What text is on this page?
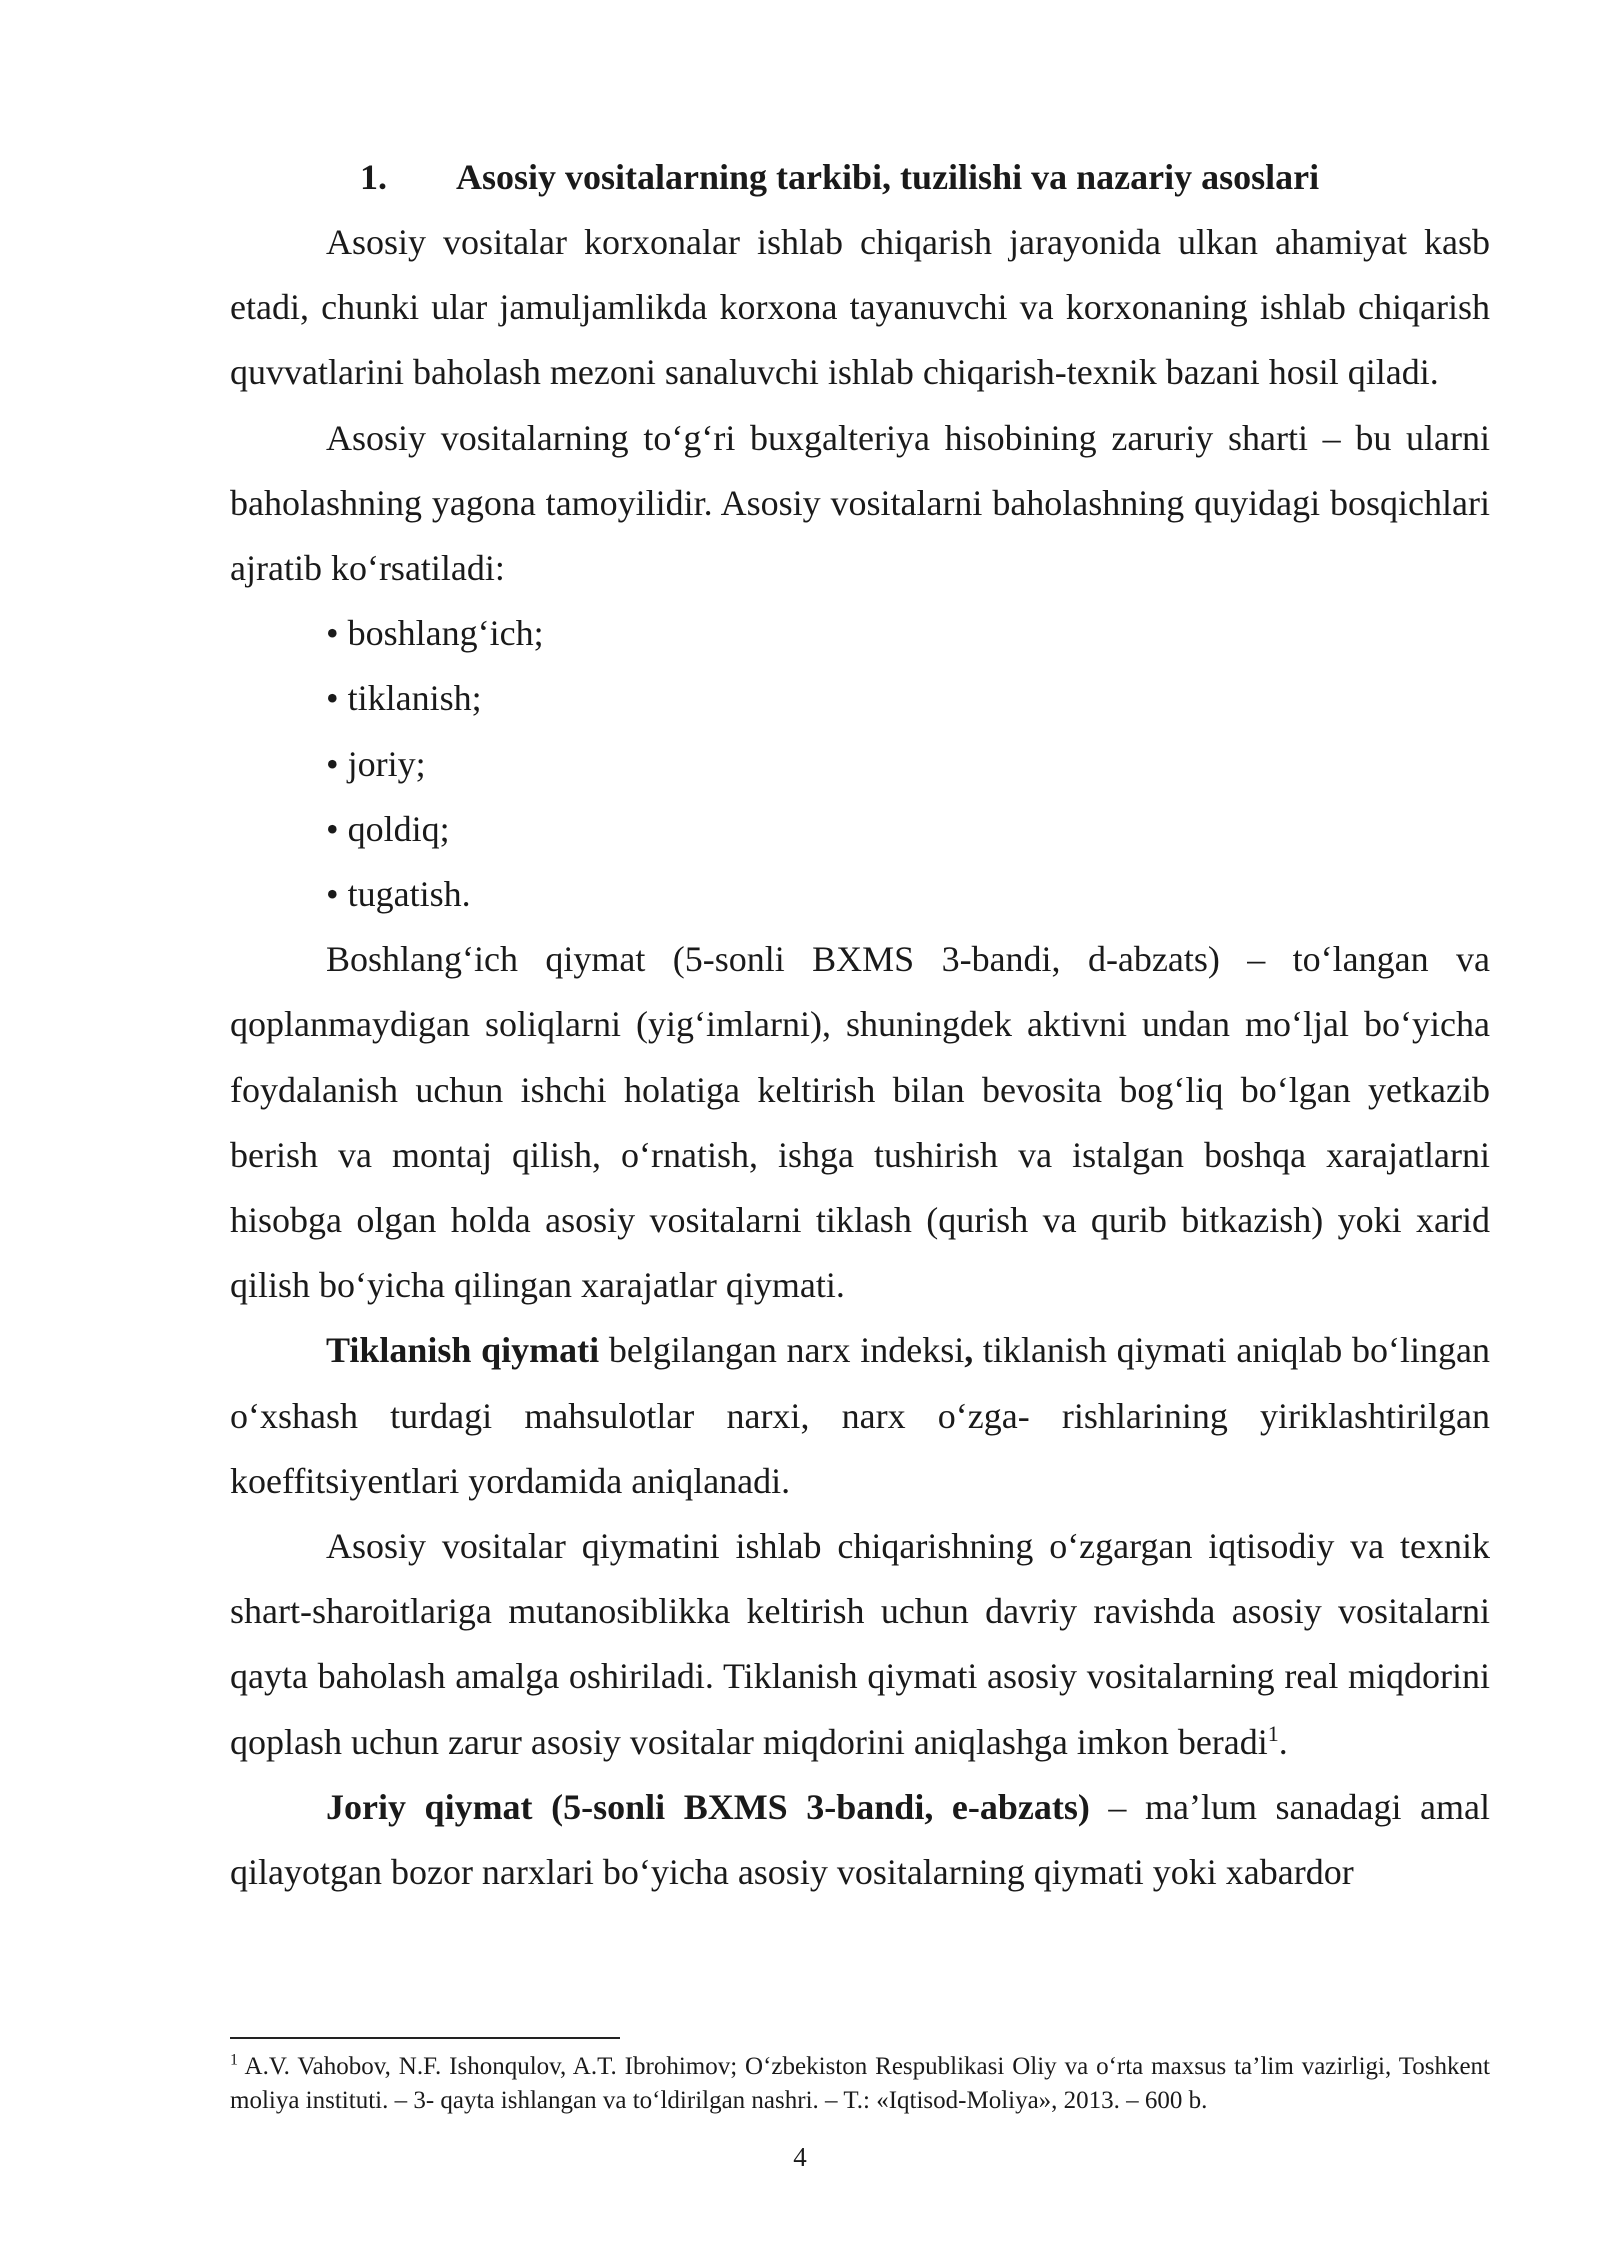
1. Asosiy vositalarning tarkibi, tuzilishi va nazariy asoslari

Asosiy vositalar korxonalar ishlab chiqarish jarayonida ulkan ahamiyat kasb etadi, chunki ular jamuljamlikda korxona tayanuvchi va korxonaning ishlab chiqarish quvvatlarini baholash mezoni sanaluvchi ishlab chiqarish-texnik bazani hosil qiladi.

Asosiy vositalarning to‘g‘ri buxgalteriya hisobining zaruriy sharti – bu ularni baholashning yagona tamoyilidir. Asosiy vositalarni baholashning quyidagi bosqichlari ajratib ko‘rsatiladi:

• boshlang‘ich;

• tiklanish;

• joriy;

• qoldiq;

• tugatish.

Boshlang‘ich qiymat (5-sonli BXMS 3-bandi, d-abzats) – to‘langan va qoplanmaydigan soliqlarni (yig‘imlarni), shuningdek aktivni undan mo‘ljal bo‘yicha foydalanish uchun ishchi holatiga keltirish bilan bevosita bog‘liq bo‘lgan yetkazib berish va montaj qilish, o‘rnatish, ishga tushirish va istalgan boshqa xarajatlarni hisobga olgan holda asosiy vositalarni tiklash (qurish va qurib bitkazish) yoki xarid qilish bo‘yicha qilingan xarajatlar qiymati.

Tiklanish qiymati belgilangan narx indeksi, tiklanish qiymati aniqlab bo‘lingan o‘xshash turdagi mahsulotlar narxi, narx o‘zga- rishlarining yiriklashtirilgan koeffitsiyentlari yordamida aniqlanadi.

Asosiy vositalar qiymatini ishlab chiqarishning o‘zgargan iqtisodiy va texnik shart-sharoitlariga mutanosiblikka keltirish uchun davriy ravishda asosiy vositalarni qayta baholash amalga oshiriladi. Tiklanish qiymati asosiy vositalarning real miqdorini qoplash uchun zarur asosiy vositalar miqdorini aniqlashga imkon beradi$^1$.

Joriy qiymat (5-sonli BXMS 3-bandi, e-abzats) – ma’lum sanadagi amal qilayotgan bozor narxlari bo‘yicha asosiy vositalarning qiymati yoki xabardor

$^1$ A.V. Vahobov, N.F. Ishonqulov, A.T. Ibrohimov; O‘zbekiston Respublikasi Oliy va o‘rta maxsus ta’lim vazirligi, Toshkent moliya instituti. – 3- qayta ishlangan va to‘ldirilgan nashri. – T.: «Iqtisod-Moliya», 2013. – 600 b.

4
